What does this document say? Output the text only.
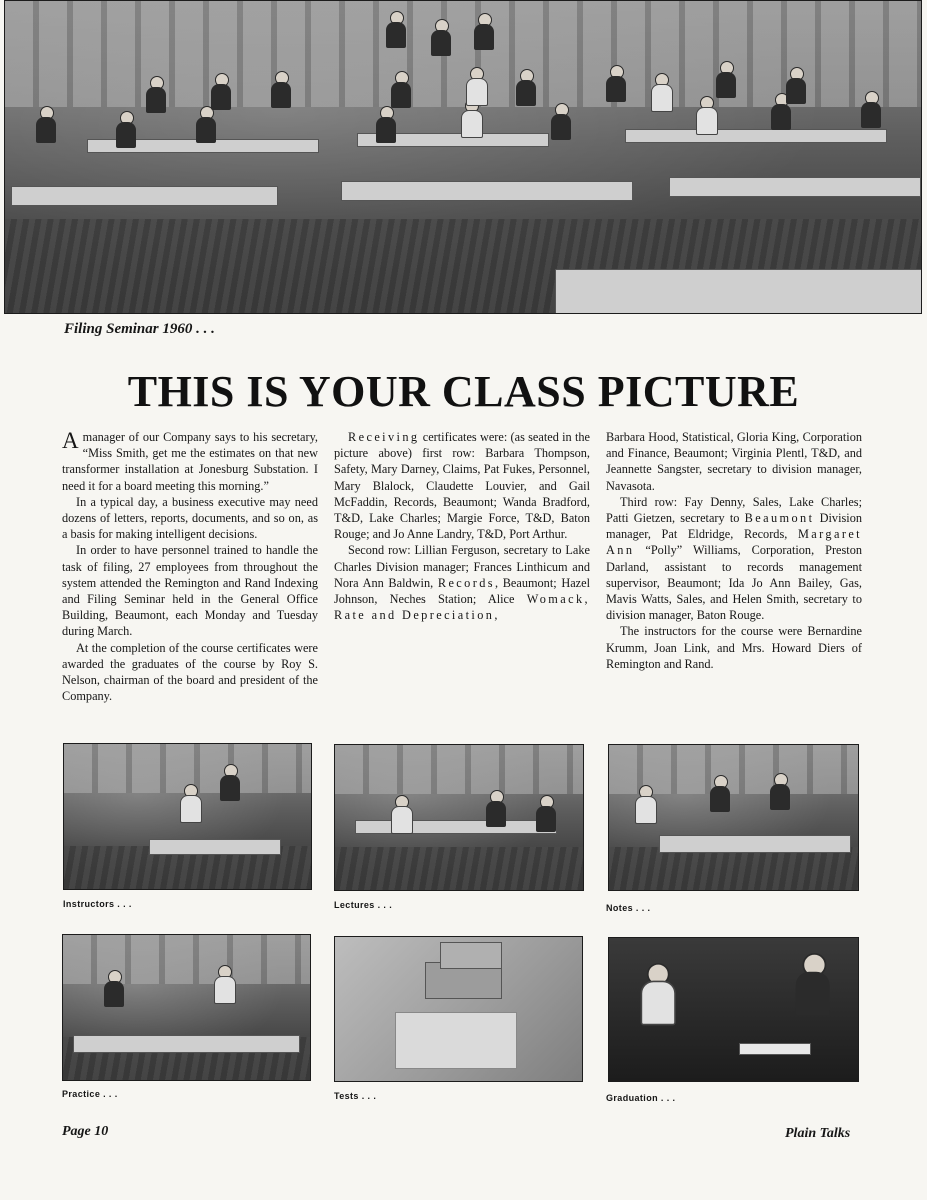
Filing Seminar 1960 . . .
THIS IS YOUR CLASS PICTURE

Amanager of our Company says to his secretary, “Miss Smith, get me the estimates on that new transformer installation at Jonesburg Substation. I need it for a board meeting this morning.”

In a typical day, a business executive may need dozens of letters, reports, documents, and so on, as a basis for making intelligent decisions.

In order to have personnel trained to handle the task of filing, 27 employees from throughout the system attended the Remington and Rand Indexing and Filing Seminar held in the General Office Building, Beaumont, each Monday and Tuesday during March.

At the completion of the course certificates were awarded the graduates of the course by Roy S. Nelson, chairman of the board and president of the Company.

Receiving certificates were: (as seated in the picture above) first row: Barbara Thompson, Safety, Mary Darney, Claims, Pat Fukes, Personnel, Mary Blalock, Claudette Louvier, and Gail McFaddin, Records, Beaumont; Wanda Bradford, T&D, Lake Charles; Margie Force, T&D, Baton Rouge; and Jo Anne Landry, T&D, Port Arthur.

Second row: Lillian Ferguson, secretary to Lake Charles Division manager; Frances Linthicum and Nora Ann Baldwin, Records, Beaumont; Hazel Johnson, Neches Station; Alice Womack, Rate and Depreciation,

Barbara Hood, Statistical, Gloria King, Corporation and Finance, Beaumont; Virginia Plentl, T&D, and Jeannette Sangster, secretary to division manager, Navasota.

Third row: Fay Denny, Sales, Lake Charles; Patti Gietzen, secretary to Beaumont Division manager, Pat Eldridge, Records, Margaret Ann “Polly” Williams, Corporation, Preston Darland, assistant to records management supervisor, Beaumont; Ida Jo Ann Bailey, Gas, Mavis Watts, Sales, and Helen Smith, secretary to division manager, Baton Rouge.

The instructors for the course were Bernardine Krumm, Joan Link, and Mrs. Howard Diers of Remington and Rand.

Instructors . . .	Lectures . . .	Notes . . .
Practice . . .	Tests . . .	Graduation . . .
Page 10	Plain Talks
